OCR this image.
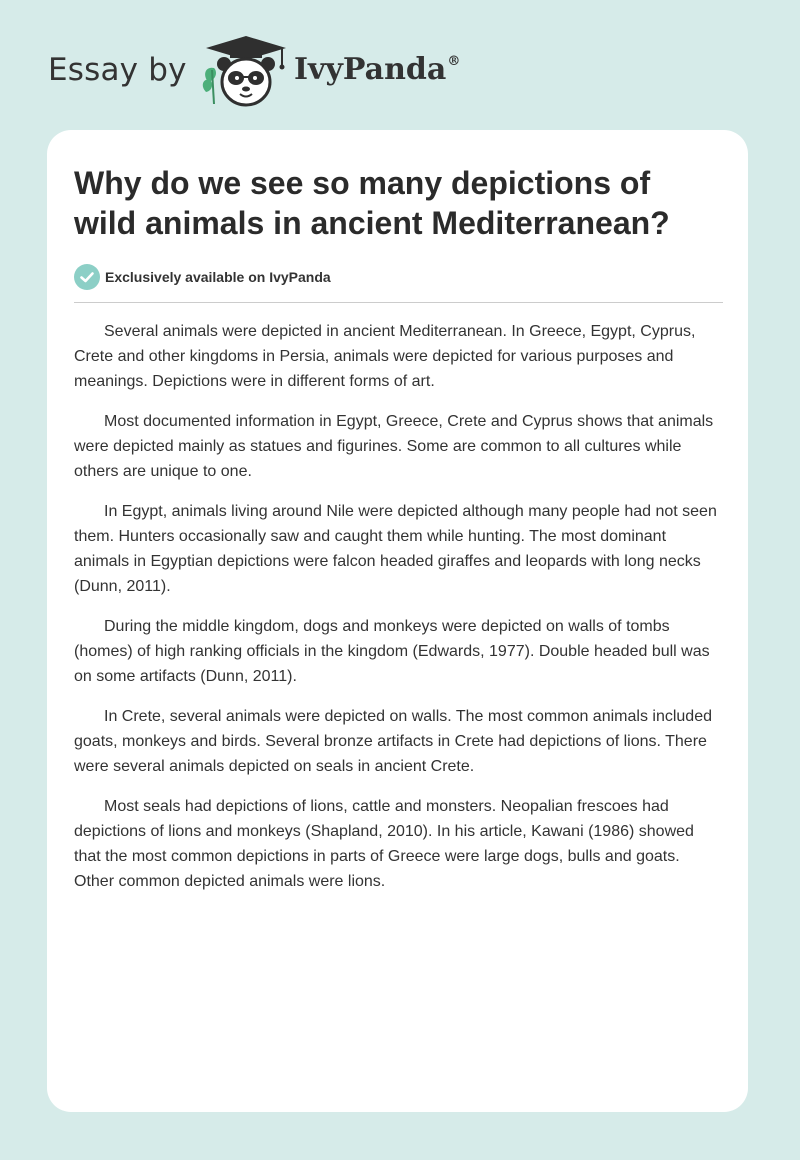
Essay by	IvyPanda®
Why do we see so many depictions of wild animals in ancient Mediterranean?
Exclusively available on IvyPanda

Several animals were depicted in ancient Mediterranean. In Greece, Egypt, Cyprus, Crete and other kingdoms in Persia, animals were depicted for various purposes and meanings. Depictions were in different forms of art.

Most documented information in Egypt, Greece, Crete and Cyprus shows that animals were depicted mainly as statues and figurines. Some are common to all cultures while others are unique to one.

In Egypt, animals living around Nile were depicted although many people had not seen them. Hunters occasionally saw and caught them while hunting. The most dominant animals in Egyptian depictions were falcon headed giraffes and leopards with long necks (Dunn, 2011).

During the middle kingdom, dogs and monkeys were depicted on walls of tombs (homes) of high ranking officials in the kingdom (Edwards, 1977). Double headed bull was on some artifacts (Dunn, 2011).

In Crete, several animals were depicted on walls. The most common animals included goats, monkeys and birds. Several bronze artifacts in Crete had depictions of lions. There were several animals depicted on seals in ancient Crete.

Most seals had depictions of lions, cattle and monsters. Neopalian frescoes had depictions of lions and monkeys (Shapland, 2010). In his article, Kawani (1986) showed that the most common depictions in parts of Greece were large dogs, bulls and goats. Other common depicted animals were lions.
